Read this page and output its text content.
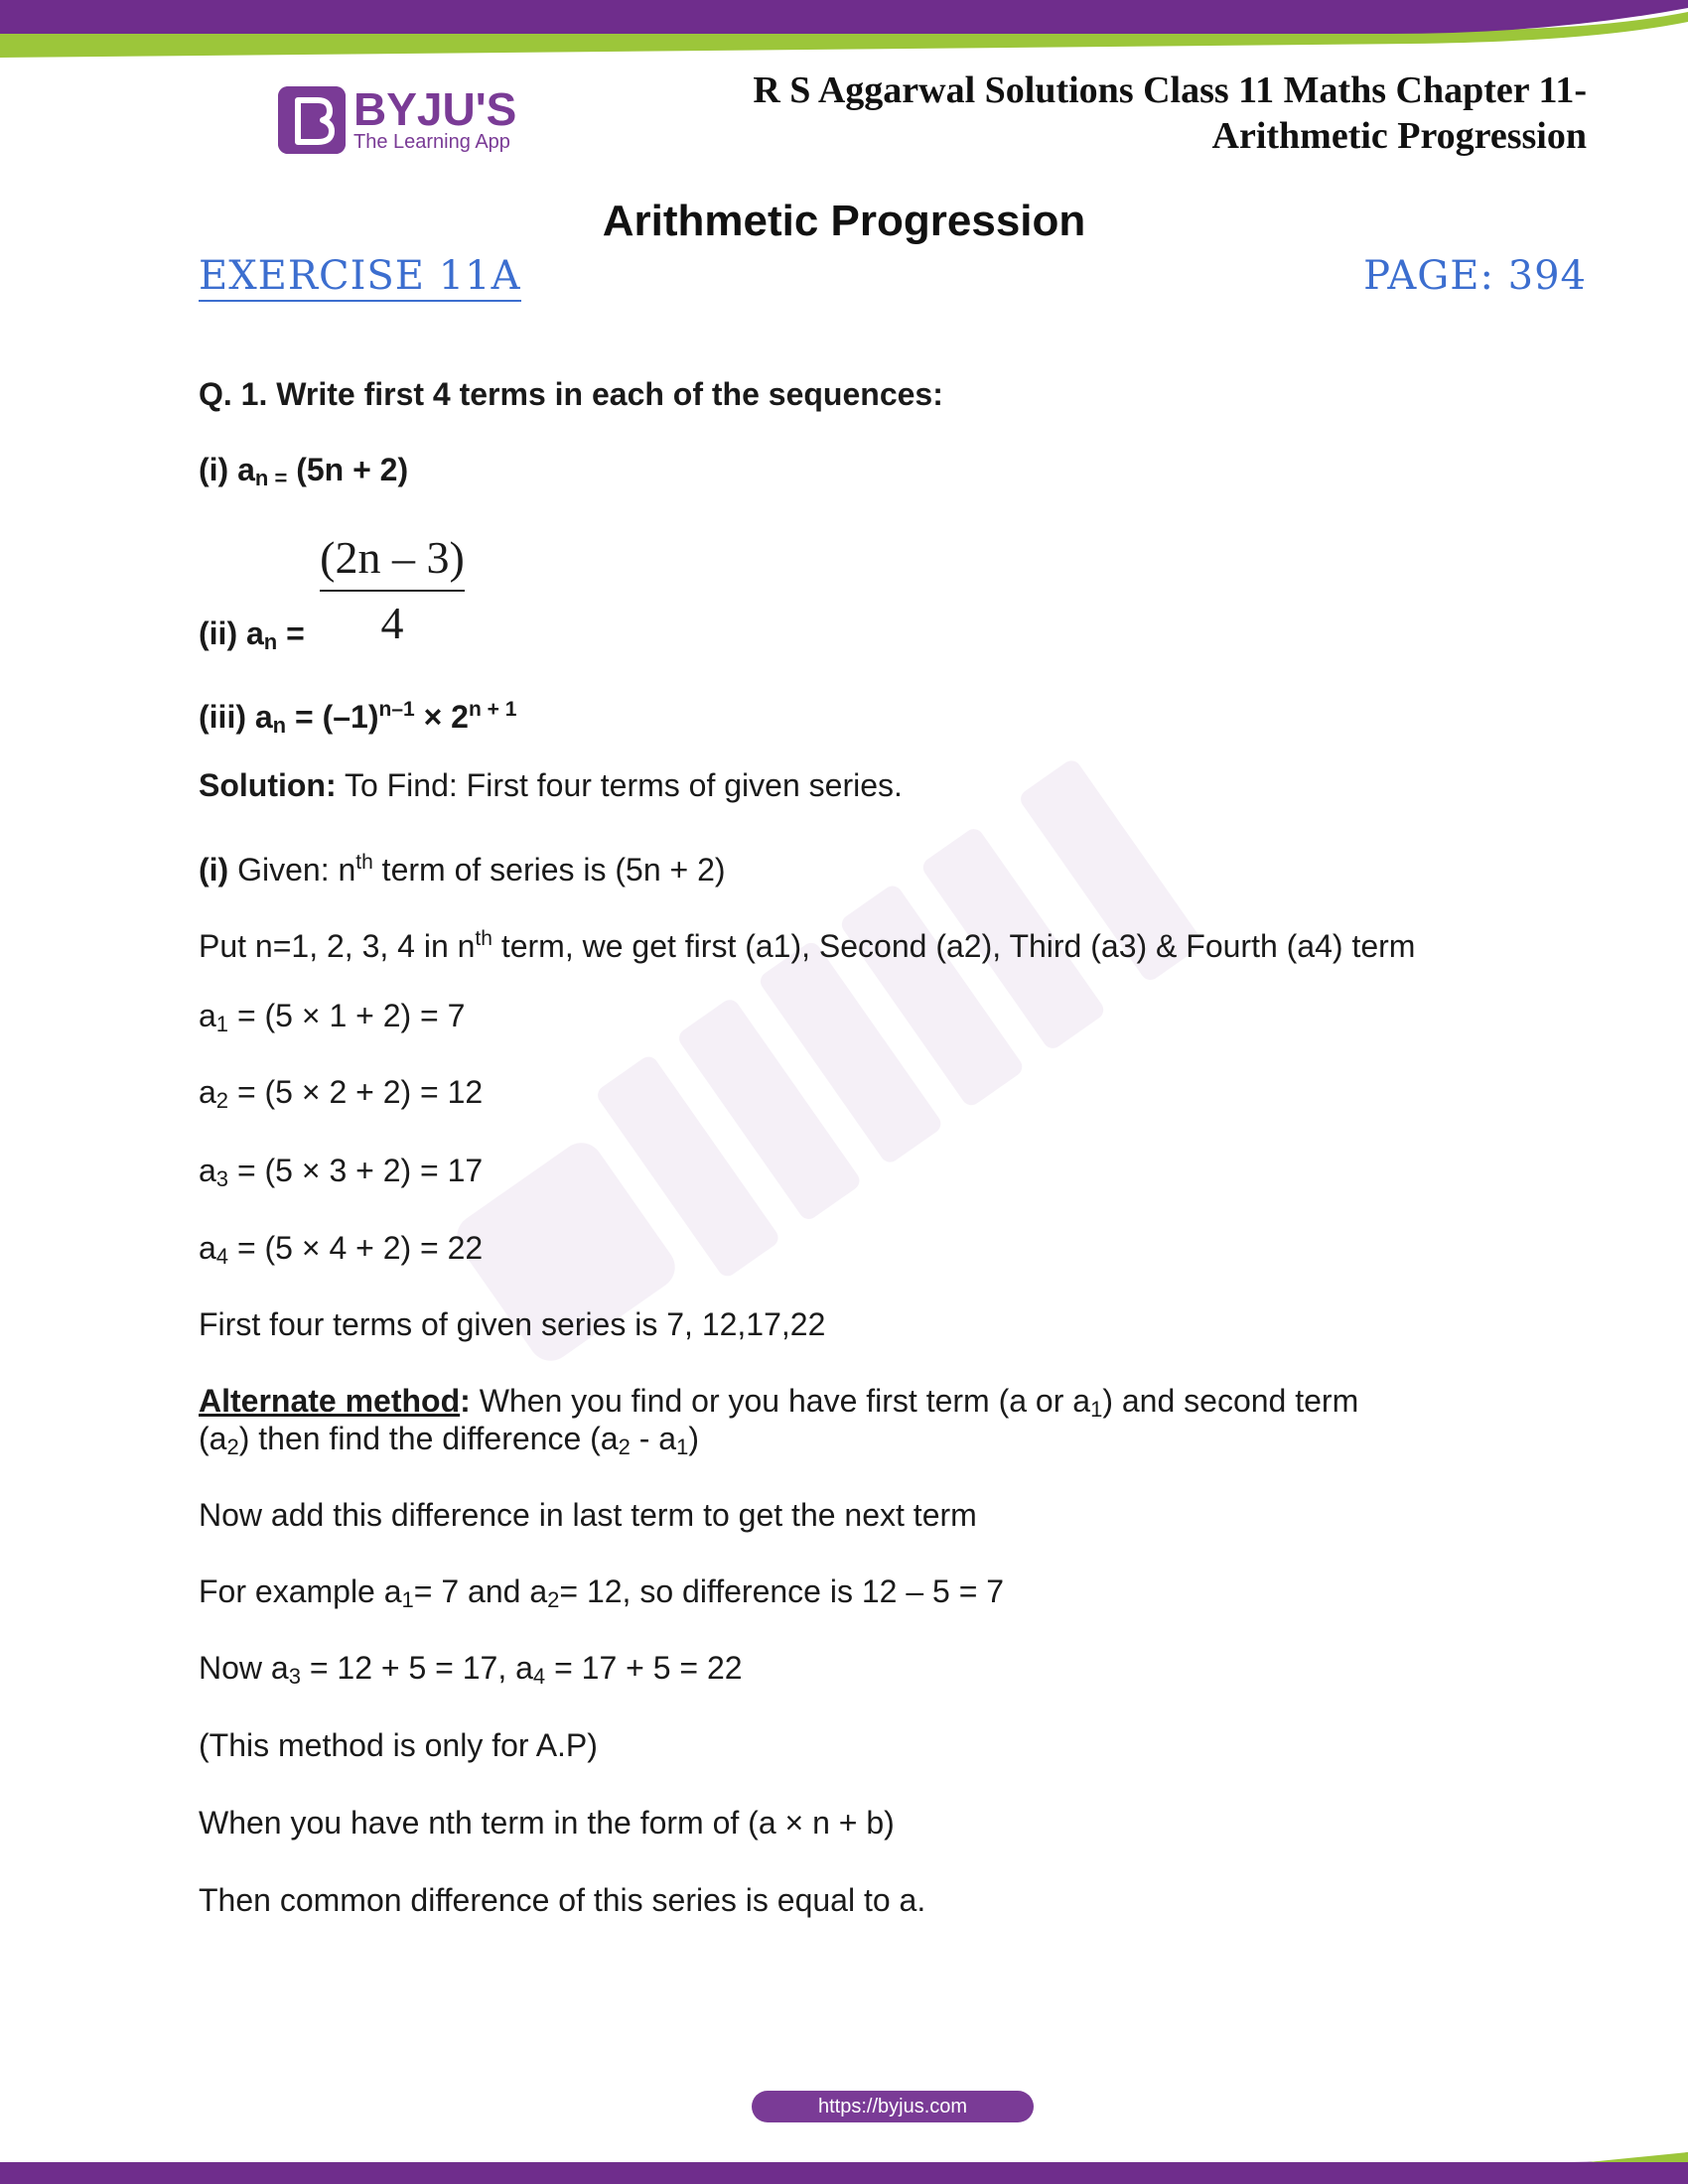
BYJU'S
The Learning App
R S Aggarwal Solutions Class 11 Maths Chapter 11-
Arithmetic Progression
Arithmetic Progression
EXERCISE 11A	PAGE: 394
Q. 1. Write first 4 terms in each of the sequences:
(i) $a_{n =}$ (5n + 2)
(ii) $a_n = \frac{(2n - 3)}{4}$
(iii) $a_n = (-1)^{n-1} \times 2^{n + 1}$
Solution: To Find: First four terms of given series.
(i) Given: $n^{th}$ term of series is (5n + 2)
Put n=1, 2, 3, 4 in $n^{th}$ term, we get first (a1), Second (a2), Third (a3) & Fourth (a4) term
$a_1 = (5 \times 1 + 2) = 7$
$a_2 = (5 \times 2 + 2) = 12$
$a_3 = (5 \times 3 + 2) = 17$
$a_4 = (5 \times 4 + 2) = 22$
First four terms of given series is 7, 12,17,22
Alternate method: When you find or you have first term (a or $a_1$) and second term
$(a_2)$ then find the difference $(a_2 - a_1)$
Now add this difference in last term to get the next term
For example $a_1= 7$ and $a_2= 12$, so difference is 12 – 5 = 7
Now $a_3 = 12 + 5 = 17$, $a_4 = 17 + 5 = 22$
(This method is only for A.P)
When you have nth term in the form of (a × n + b)
Then common difference of this series is equal to a.
https://byjus.com
